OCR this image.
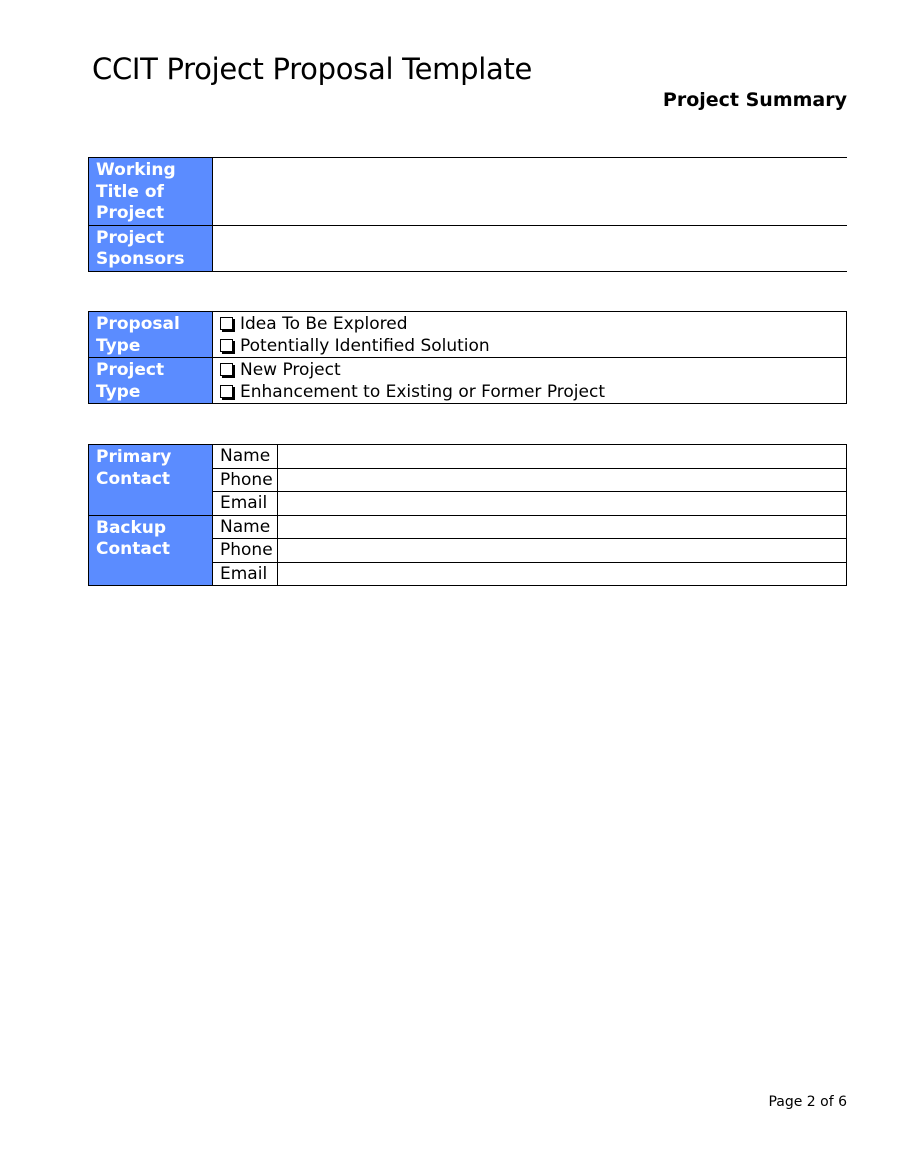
CCIT Project Proposal Template
Project Summary
Working Title of Project	
Project Sponsors	
Proposal Type	Idea To Be Explored
Potentially Identified Solution

Project Type	New Project
Enhancement to Existing or Former Project
Primary Contact	Name	
	Phone	
	Email	
Backup Contact	Name	
	Phone	
	Email	
Page 2 of 6
